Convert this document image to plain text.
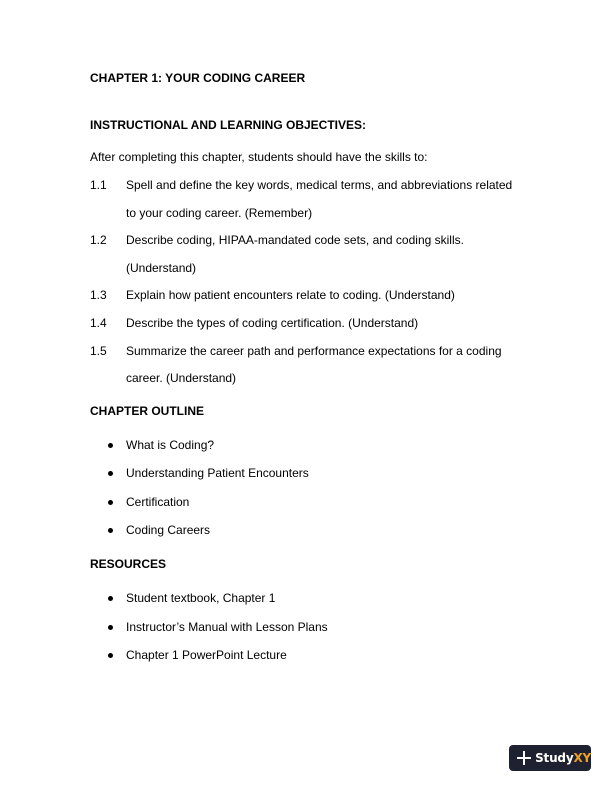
CHAPTER 1: YOUR CODING CAREER
INSTRUCTIONAL AND LEARNING OBJECTIVES:
After completing this chapter, students should have the skills to:
1.1 Spell and define the key words, medical terms, and abbreviations related
to your coding career. (Remember)
1.2 Describe coding, HIPAA-mandated code sets, and coding skills.
(Understand)
1.3 Explain how patient encounters relate to coding. (Understand)
1.4 Describe the types of coding certification. (Understand)
1.5 Summarize the career path and performance expectations for a coding
career. (Understand)
CHAPTER OUTLINE
What is Coding?
Understanding Patient Encounters
Certification
Coding Careers
RESOURCES
Student textbook, Chapter 1
Instructor’s Manual with Lesson Plans
Chapter 1 PowerPoint Lecture
StudyXY
